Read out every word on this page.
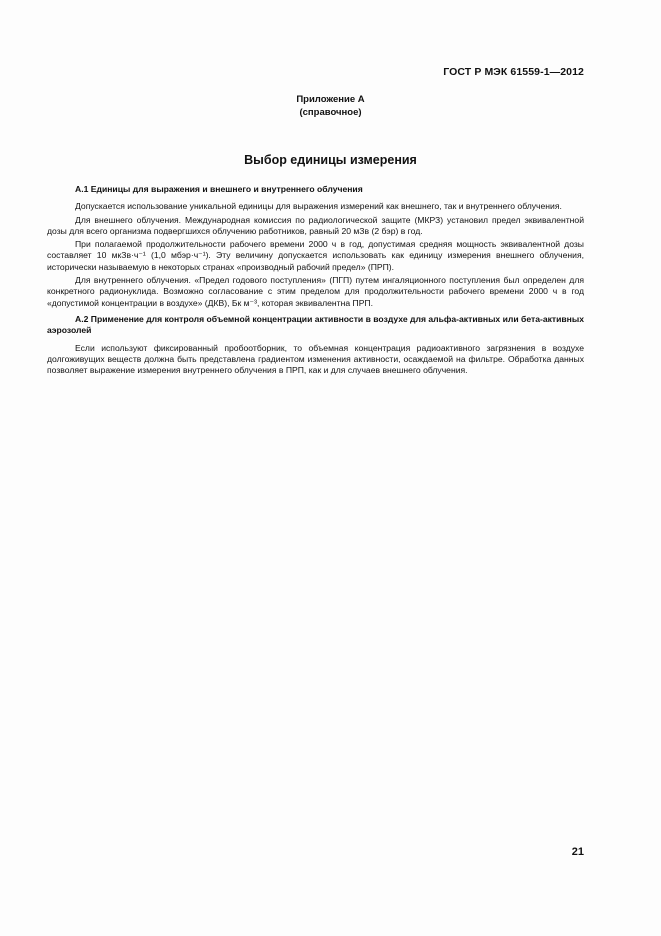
ГОСТ Р МЭК 61559-1—2012
Приложение А
(справочное)
Выбор единицы измерения
А.1 Единицы для выражения и внешнего и внутреннего облучения

Допускается использование уникальной единицы для выражения измерений как внешнего, так и внутреннего облучения.

Для внешнего облучения. Международная комиссия по радиологической защите (МКРЗ) установил предел эквивалентной дозы для всего организма подвергшихся облучению работников, равный 20 мЗв (2 бэр) в год.

При полагаемой продолжительности рабочего времени 2000 ч в год, допустимая средняя мощность эквивалентной дозы составляет 10 мкЗв·ч⁻¹ (1,0 мбэр·ч⁻¹). Эту величину допускается использовать как единицу измерения внешнего облучения, исторически называемую в некоторых странах «производный рабочий предел» (ПРП).

Для внутреннего облучения. «Предел годового поступления» (ПГП) путем ингаляционного поступления был определен для конкретного радионуклида. Возможно согласование с этим пределом для продолжительности рабочего времени 2000 ч в год «допустимой концентрации в воздухе» (ДКВ), Бк м⁻³, которая эквивалентна ПРП.

А.2 Применение для контроля объемной концентрации активности в воздухе для альфа-активных или бета-активных аэрозолей

Если используют фиксированный пробоотборник, то объемная концентрация радиоактивного загрязнения в воздухе долгоживущих веществ должна быть представлена градиентом изменения активности, осаждаемой на фильтре. Обработка данных позволяет выражение измерения внутреннего облучения в ПРП, как и для случаев внешнего облучения.

21
